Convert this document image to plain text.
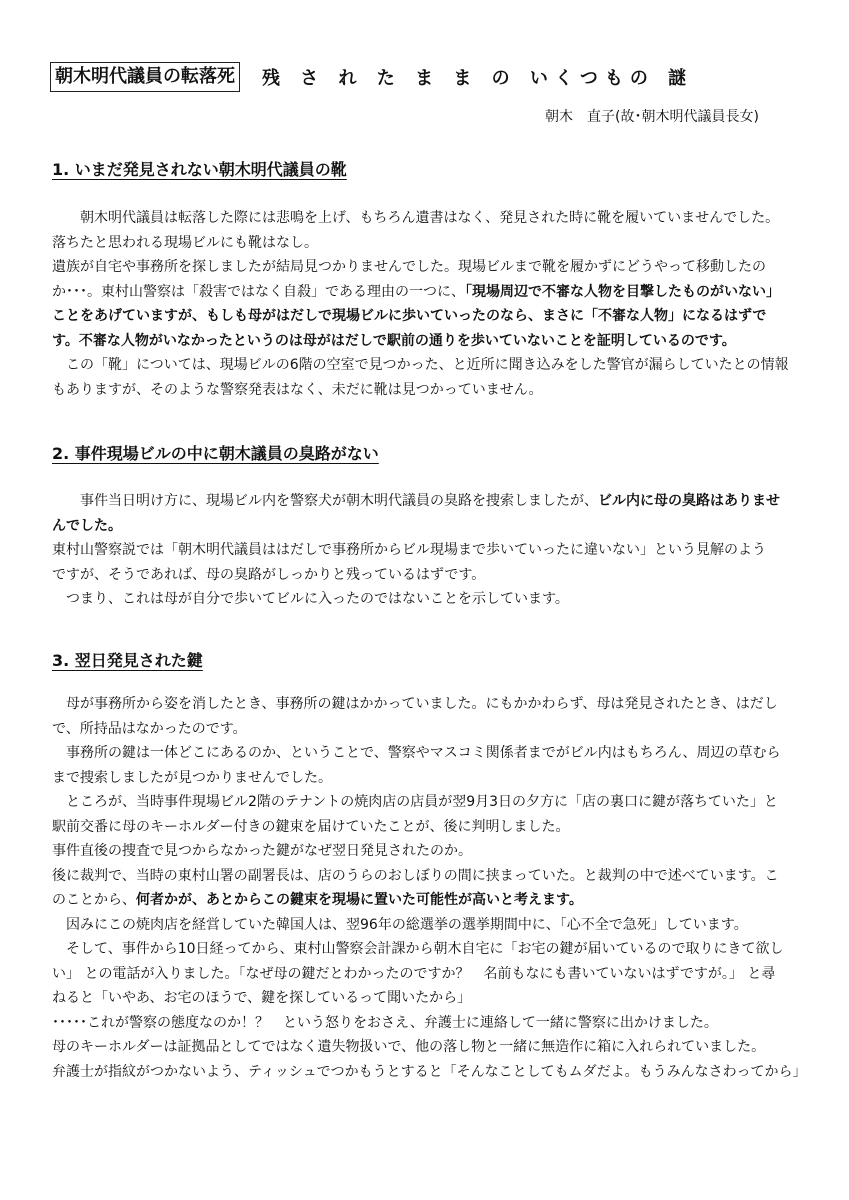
朝木明代議員の転落死 残 さ れ た ま ま の いくつもの 謎
朝木　直子(故･朝木明代議員長女)
1. いまだ発見されない朝木明代議員の靴
　　朝木明代議員は転落した際には悲鳴を上げ、もちろん遺書はなく、発見された時に靴を履いていませんでした。
落ちたと思われる現場ビルにも靴はなし。
遺族が自宅や事務所を探しましたが結局見つかりませんでした。現場ビルまで靴を履かずにどうやって移動したの
か･･･。東村山警察は「殺害ではなく自殺」である理由の一つに、「現場周辺で不審な人物を目撃したものがいない」
ことをあげていますが、もしも母がはだしで現場ビルに歩いていったのなら、まさに「不審な人物」になるはずで
す。不審な人物がいなかったというのは母がはだしで駅前の通りを歩いていないことを証明しているのです。
　この「靴」については、現場ビルの6階の空室で見つかった、と近所に聞き込みをした警官が漏らしていたとの情報
もありますが、そのような警察発表はなく、未だに靴は見つかっていません。
2. 事件現場ビルの中に朝木議員の臭路がない
　　事件当日明け方に、現場ビル内を警察犬が朝木明代議員の臭路を捜索しましたが、ビル内に母の臭路はありませ
んでした。
東村山警察説では「朝木明代議員ははだしで事務所からビル現場まで歩いていったに違いない」という見解のよう
ですが、そうであれば、母の臭路がしっかりと残っているはずです。
　つまり、これは母が自分で歩いてビルに入ったのではないことを示しています。
3. 翌日発見された鍵
　母が事務所から姿を消したとき、事務所の鍵はかかっていました。にもかかわらず、母は発見されたとき、はだし
で、所持品はなかったのです。
　事務所の鍵は一体どこにあるのか、ということで、警察やマスコミ関係者までがビル内はもちろん、周辺の草むら
まで捜索しましたが見つかりませんでした。
　ところが、当時事件現場ビル2階のテナントの焼肉店の店員が翌9月3日の夕方に「店の裏口に鍵が落ちていた」と
駅前交番に母のキーホルダー付きの鍵束を届けていたことが、後に判明しました。
事件直後の捜査で見つからなかった鍵がなぜ翌日発見されたのか。
後に裁判で、当時の東村山署の副署長は、店のうらのおしぼりの間に挟まっていた。と裁判の中で述べています。こ
のことから、何者かが、あとからこの鍵束を現場に置いた可能性が高いと考えます。
　因みにこの焼肉店を経営していた韓国人は、翌96年の総選挙の選挙期間中に、「心不全で急死」しています。
　そして、事件から10日経ってから、東村山警察会計課から朝木自宅に「お宅の鍵が届いているので取りにきて欲し
い」 との電話が入りました。「なぜ母の鍵だとわかったのですか？　名前もなにも書いていないはずですが。」 と尋
ねると「いやあ、お宅のほうで、鍵を探しているって聞いたから」
･････これが警察の態度なのか！？　という怒りをおさえ、弁護士に連絡して一緒に警察に出かけました。
母のキーホルダーは証拠品としてではなく遺失物扱いで、他の落し物と一緒に無造作に箱に入れられていました。
弁護士が指紋がつかないよう、ティッシュでつかもうとすると「そんなことしてもムダだよ。もうみんなさわってから」
